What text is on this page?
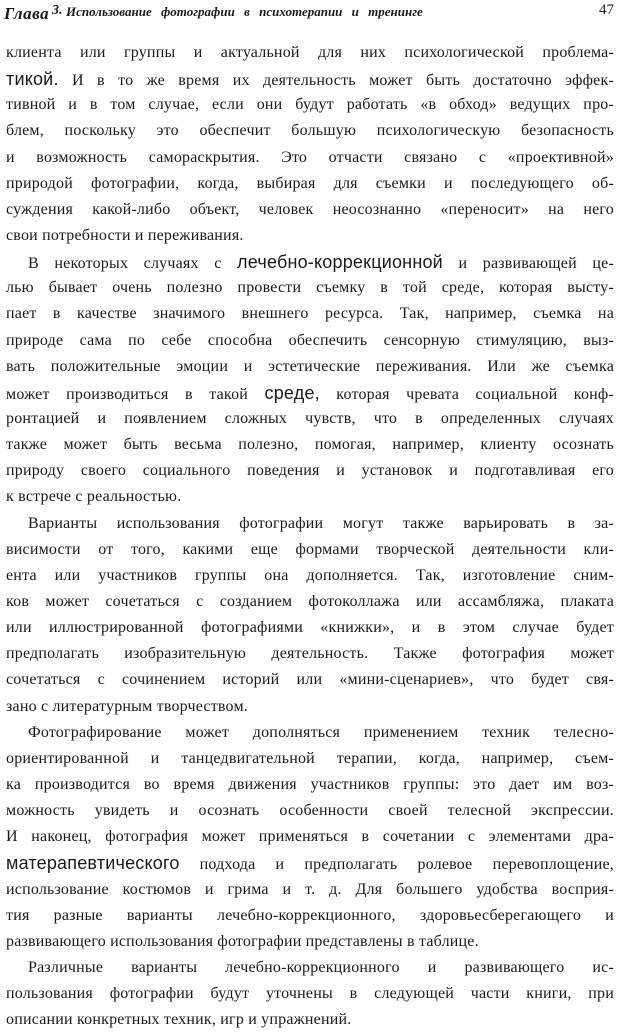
Глава 3. Использование фотографии в психотерапии и тренинге	47
клиента или группы и актуальной для них психологической проблема-
тикой. И в то же время их деятельность может быть достаточно эффек-
тивной и в том случае, если они будут работать «в обход» ведущих про-
блем, поскольку это обеспечит большую психологическую безопасность
и возможность самораскрытия. Это отчасти связано с «проективной»
природой фотографии, когда, выбирая для съемки и последующего об-
суждения какой-либо объект, человек неосознанно «переносит» на него
свои потребности и переживания.
В некоторых случаях с лечебно-коррекционной и развивающей це-
лью бывает очень полезно провести съемку в той среде, которая высту-
пает в качестве значимого внешнего ресурса. Так, например, съемка на
природе сама по себе способна обеспечить сенсорную стимуляцию, выз-
вать положительные эмоции и эстетические переживания. Или же съемка
может производиться в такой среде, которая чревата социальной конф-
ронтацией и появлением сложных чувств, что в определенных случаях
также может быть весьма полезно, помогая, например, клиенту осознать
природу своего социального поведения и установок и подготавливая его
к встрече с реальностью.
Варианты использования фотографии могут также варьировать в за-
висимости от того, какими еще формами творческой деятельности кли-
ента или участников группы она дополняется. Так, изготовление сним-
ков может сочетаться с созданием фотоколлажа или ассамбляжа, плаката
или иллюстрированной фотографиями «книжки», и в этом случае будет
предполагать изобразительную деятельность. Также фотография может
сочетаться с сочинением историй или «мини-сценариев», что будет свя-
зано с литературным творчеством.
Фотографирование может дополняться применением техник телесно-
ориентированной и танцедвигательной терапии, когда, например, съем-
ка производится во время движения участников группы: это дает им воз-
можность увидеть и осознать особенности своей телесной экспрессии.
И наконец, фотография может применяться в сочетании с элементами дра-
матерапевтического подхода и предполагать ролевое перевоплощение,
использование костюмов и грима и т. д. Для большего удобства восприя-
тия разные варианты лечебно-коррекционного, здоровьесберегающего и
развивающего использования фотографии представлены в таблице.
Различные варианты лечебно-коррекционного и развивающего ис-
пользования фотографии будут уточнены в следующей части книги, при
описании конкретных техник, игр и упражнений.
